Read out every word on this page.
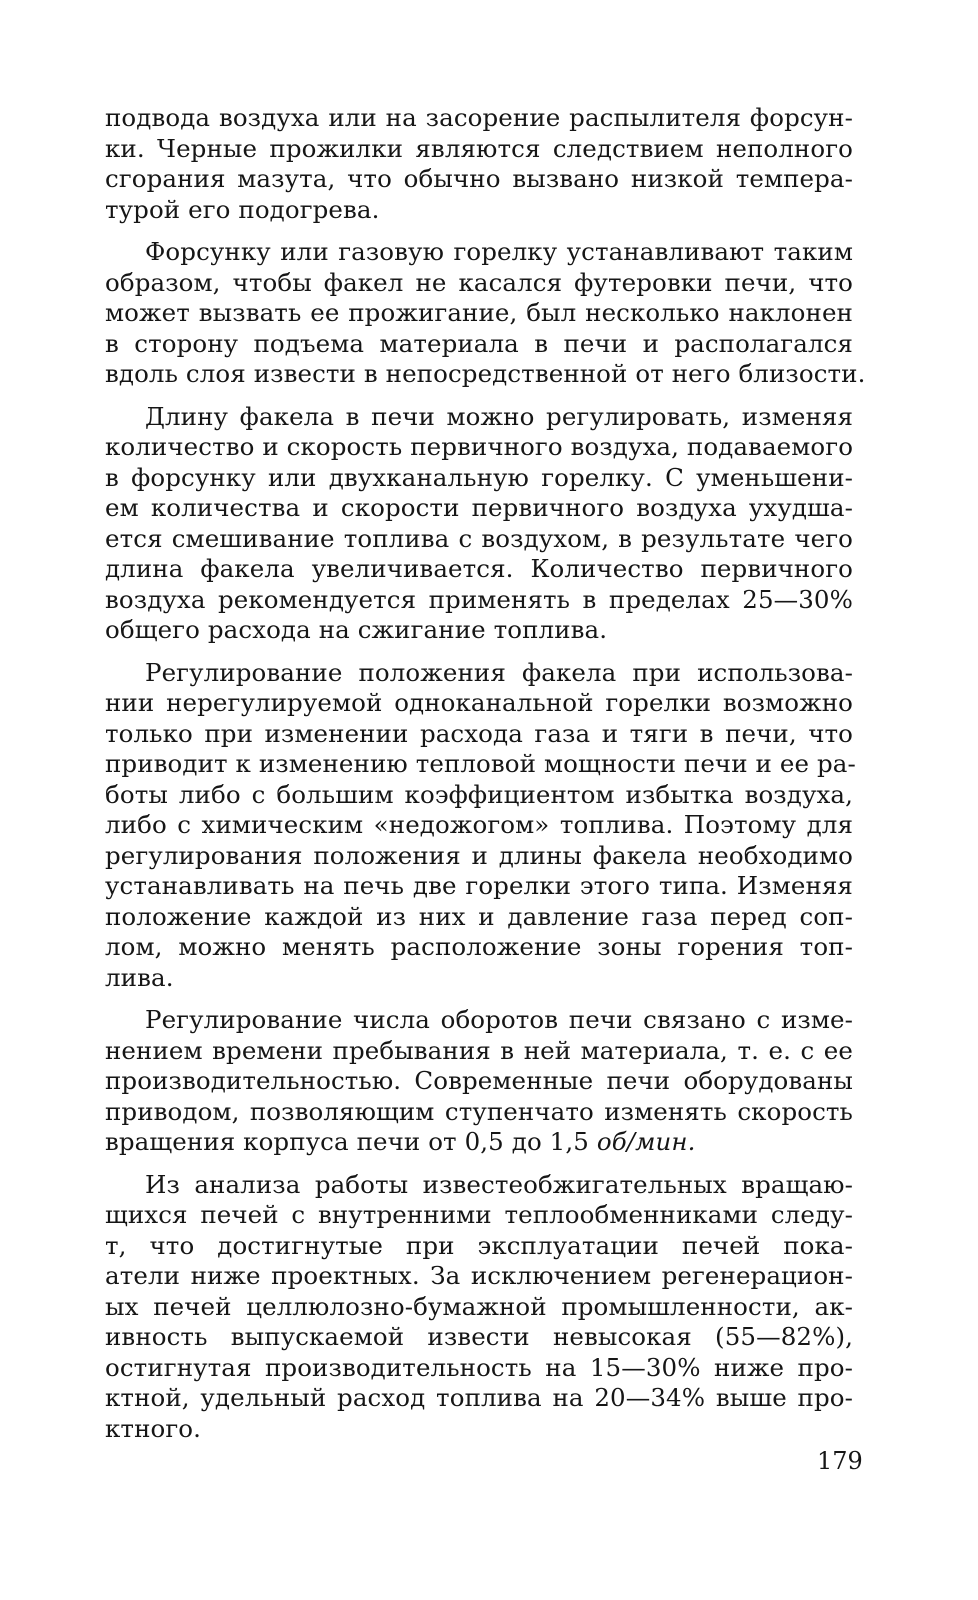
подвода воздуха или на засорение распылителя форсун-
ки. Черные прожилки являются следствием неполного
сгорания мазута, что обычно вызвано низкой темпера-
турой его подогрева.
Форсунку или газовую горелку устанавливают таким
образом, чтобы факел не касался футеровки печи, что
может вызвать ее прожигание, был несколько наклонен
в сторону подъема материала в печи и располагался
вдоль слоя извести в непосредственной от него близости.
Длину факела в печи можно регулировать, изменяя
количество и скорость первичного воздуха, подаваемого
в форсунку или двухканальную горелку. С уменьшени-
ем количества и скорости первичного воздуха ухудша-
ется смешивание топлива с воздухом, в результате чего
длина факела увеличивается. Количество первичного
воздуха рекомендуется применять в пределах 25—30%
общего расхода на сжигание топлива.
Регулирование положения факела при использова-
нии нерегулируемой одноканальной горелки возможно
только при изменении расхода газа и тяги в печи, что
приводит к изменению тепловой мощности печи и ее ра-
боты либо с большим коэффициентом избытка воздуха,
либо с химическим «недожогом» топлива. Поэтому для
регулирования положения и длины факела необходимо
устанавливать на печь две горелки этого типа. Изменяя
положение каждой из них и давление газа перед соп-
лом, можно менять расположение зоны горения топ-
лива.
Регулирование числа оборотов печи связано с изме-
нением времени пребывания в ней материала, т. е. с ее
производительностью. Современные печи оборудованы
приводом, позволяющим ступенчато изменять скорость
вращения корпуса печи от 0,5 до 1,5 об/мин.
Из анализа работы известеобжигательных вращаю-
щихся печей с внутренними теплообменниками следу-
т, что достигнутые при эксплуатации печей пока-
атели ниже проектных. За исключением регенерацион-
ых печей целлюлозно-бумажной промышленности, ак-
ивность выпускаемой извести невысокая (55—82%),
остигнутая производительность на 15—30% ниже про-
ктной, удельный расход топлива на 20—34% выше про-
ктного.
179
